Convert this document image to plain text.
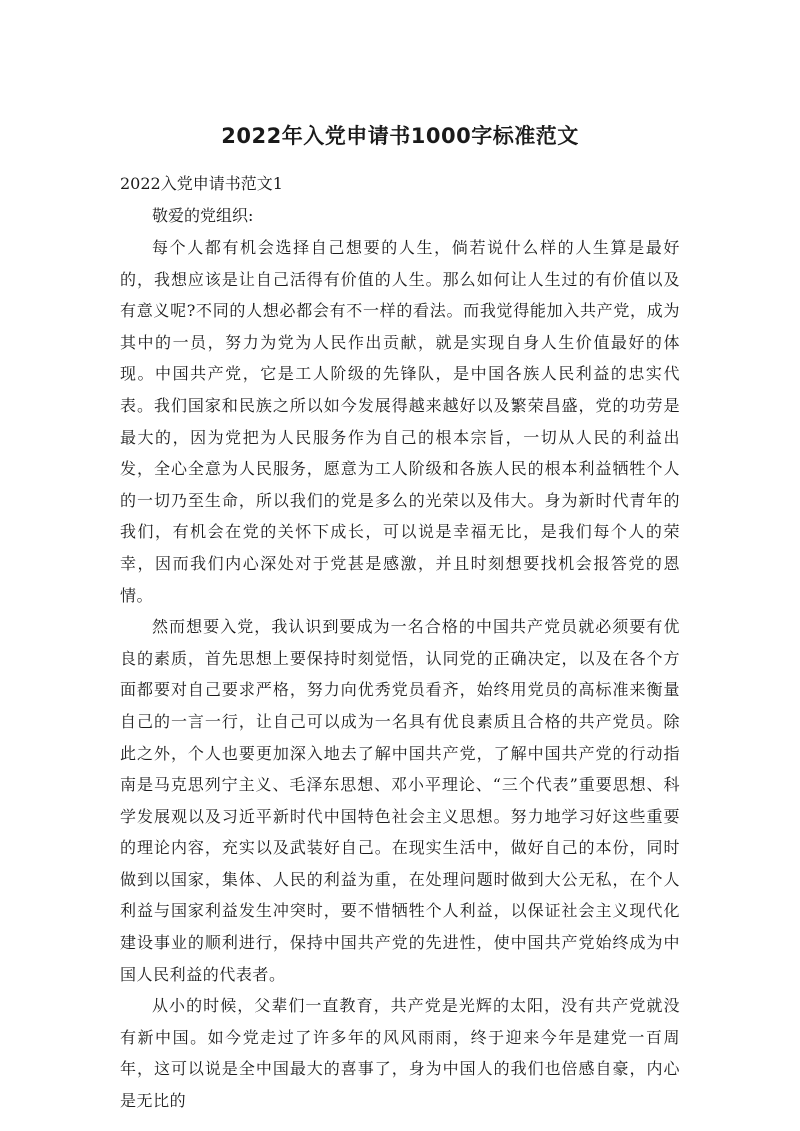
2022年入党申请书1000字标准范文

2022入党申请书范文1

敬爱的党组织:

每个人都有机会选择自己想要的人生，倘若说什么样的人生算是最好的，我想应该是让自己活得有价值的人生。那么如何让人生过的有价值以及有意义呢?不同的人想必都会有不一样的看法。而我觉得能加入共产党，成为其中的一员，努力为党为人民作出贡献，就是实现自身人生价值最好的体现。中国共产党，它是工人阶级的先锋队，是中国各族人民利益的忠实代表。我们国家和民族之所以如今发展得越来越好以及繁荣昌盛，党的功劳是最大的，因为党把为人民服务作为自己的根本宗旨，一切从人民的利益出发，全心全意为人民服务，愿意为工人阶级和各族人民的根本利益牺牲个人的一切乃至生命，所以我们的党是多么的光荣以及伟大。身为新时代青年的我们，有机会在党的关怀下成长，可以说是幸福无比，是我们每个人的荣幸，因而我们内心深处对于党甚是感激，并且时刻想要找机会报答党的恩情。

然而想要入党，我认识到要成为一名合格的中国共产党员就必须要有优良的素质，首先思想上要保持时刻觉悟，认同党的正确决定，以及在各个方面都要对自己要求严格，努力向优秀党员看齐，始终用党员的高标准来衡量自己的一言一行，让自己可以成为一名具有优良素质且合格的共产党员。除此之外，个人也要更加深入地去了解中国共产党，了解中国共产党的行动指南是马克思列宁主义、毛泽东思想、邓小平理论、“三个代表”重要思想、科学发展观以及习近平新时代中国特色社会主义思想。努力地学习好这些重要的理论内容，充实以及武装好自己。在现实生活中，做好自己的本份，同时做到以国家，集体、人民的利益为重，在处理问题时做到大公无私，在个人利益与国家利益发生冲突时，要不惜牺牲个人利益，以保证社会主义现代化建设事业的顺利进行，保持中国共产党的先进性，使中国共产党始终成为中国人民利益的代表者。

从小的时候，父辈们一直教育，共产党是光辉的太阳，没有共产党就没有新中国。如今党走过了许多年的风风雨雨，终于迎来今年是建党一百周年，这可以说是全中国最大的喜事了，身为中国人的我们也倍感自豪，内心是无比的
